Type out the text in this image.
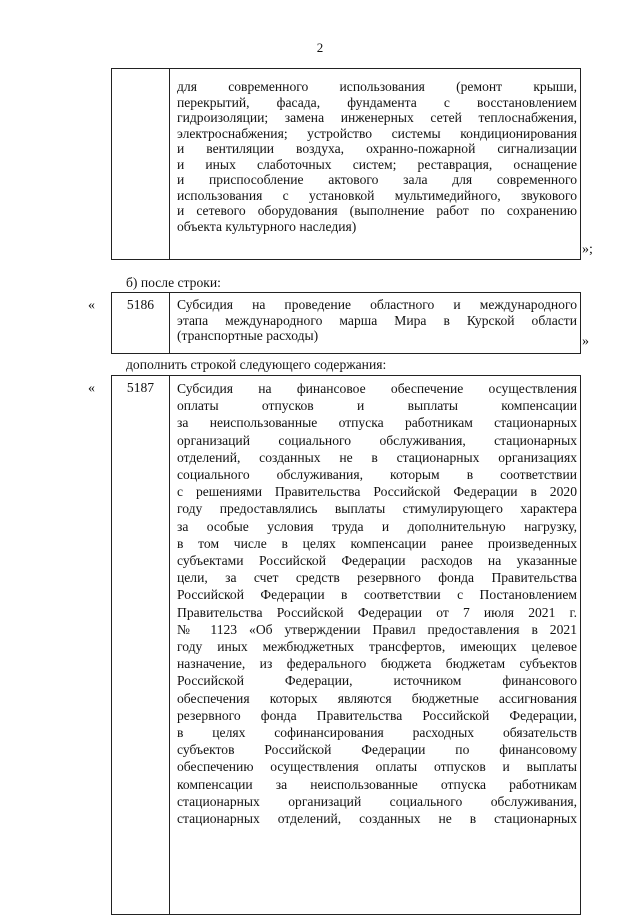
2
для современного использования (ремонт крыши,
перекрытий, фасада, фундамента с восстановлением
гидроизоляции; замена инженерных сетей теплоснабжения,
электроснабжения; устройство системы кондиционирования
и вентиляции воздуха, охранно-пожарной сигнализации
и иных слаботочных систем; реставрация, оснащение
и приспособление актового зала для современного
использования с установкой мультимедийного, звукового
и сетевого оборудования (выполнение работ по сохранению
объекта культурного наследия)
»;
б) после строки:
«	5186	Субсидия на проведение областного и международного
этапа международного марша Мира в Курской области
(транспортные расходы)	»
дополнить строкой следующего содержания:
«	5187	Субсидия на финансовое обеспечение осуществления
оплаты отпусков и выплаты компенсации
за неиспользованные отпуска работникам стационарных
организаций социального обслуживания, стационарных
отделений, созданных не в стационарных организациях
социального обслуживания, которым в соответствии
с решениями Правительства Российской Федерации в 2020
году предоставлялись выплаты стимулирующего характера
за особые условия труда и дополнительную нагрузку,
в том числе в целях компенсации ранее произведенных
субъектами Российской Федерации расходов на указанные
цели, за счет средств резервного фонда Правительства
Российской Федерации в соответствии с Постановлением
Правительства Российской Федерации от 7 июля 2021 г.
№ 1123 «Об утверждении Правил предоставления в 2021
году иных межбюджетных трансфертов, имеющих целевое
назначение, из федерального бюджета бюджетам субъектов
Российской Федерации, источником финансового
обеспечения которых являются бюджетные ассигнования
резервного фонда Правительства Российской Федерации,
в целях софинансирования расходных обязательств
субъектов Российской Федерации по финансовому
обеспечению осуществления оплаты отпусков и выплаты
компенсации за неиспользованные отпуска работникам
стационарных организаций социального обслуживания,
стационарных отделений, созданных не в стационарных
